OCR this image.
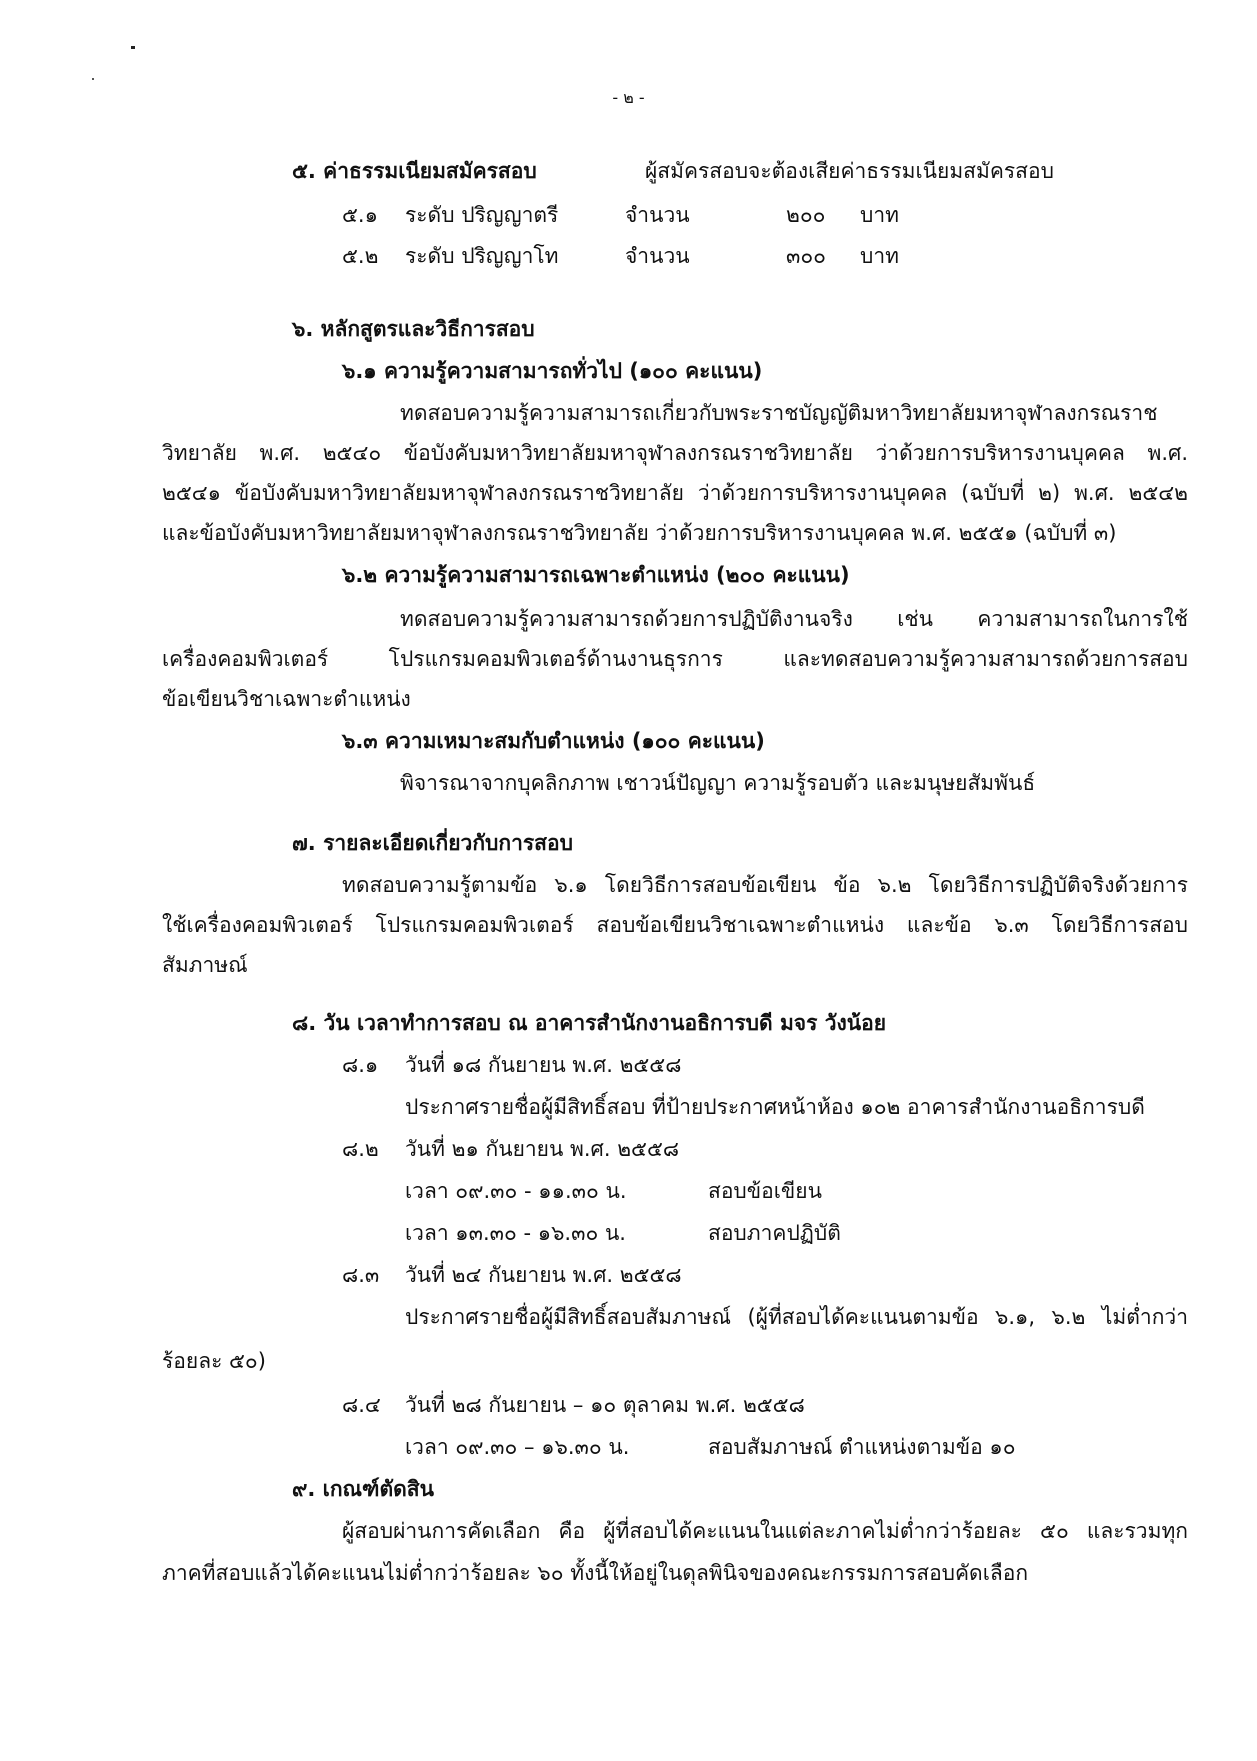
- ๒ -
๕. ค่าธรรมเนียมสมัครสอบ	ผู้สมัครสอบจะต้องเสียค่าธรรมเนียมสมัครสอบ
๕.๑ ระดับ ปริญญาตรี	จำนวน	๒๐๐ บาท
๕.๒ ระดับ ปริญญาโท	จำนวน	๓๐๐ บาท
๖. หลักสูตรและวิธีการสอบ
๖.๑ ความรู้ความสามารถทั่วไป (๑๐๐ คะแนน)
ทดสอบความรู้ความสามารถเกี่ยวกับพระราชบัญญัติมหาวิทยาลัยมหาจุฬาลงกรณราช
วิทยาลัย พ.ศ. ๒๕๔๐ ข้อบังคับมหาวิทยาลัยมหาจุฬาลงกรณราชวิทยาลัย ว่าด้วยการบริหารงานบุคคล พ.ศ.
๒๕๔๑ ข้อบังคับมหาวิทยาลัยมหาจุฬาลงกรณราชวิทยาลัย ว่าด้วยการบริหารงานบุคคล (ฉบับที่ ๒) พ.ศ. ๒๕๔๒
และข้อบังคับมหาวิทยาลัยมหาจุฬาลงกรณราชวิทยาลัย ว่าด้วยการบริหารงานบุคคล พ.ศ. ๒๕๕๑ (ฉบับที่ ๓)
๖.๒ ความรู้ความสามารถเฉพาะตำแหน่ง (๒๐๐ คะแนน)
ทดสอบความรู้ความสามารถด้วยการปฏิบัติงานจริง เช่น ความสามารถในการใช้
เครื่องคอมพิวเตอร์ โปรแกรมคอมพิวเตอร์ด้านงานธุรการ และทดสอบความรู้ความสามารถด้วยการสอบ
ข้อเขียนวิชาเฉพาะตำแหน่ง
๖.๓ ความเหมาะสมกับตำแหน่ง (๑๐๐ คะแนน)
พิจารณาจากบุคลิกภาพ เชาวน์ปัญญา ความรู้รอบตัว และมนุษยสัมพันธ์
๗. รายละเอียดเกี่ยวกับการสอบ
ทดสอบความรู้ตามข้อ ๖.๑ โดยวิธีการสอบข้อเขียน ข้อ ๖.๒ โดยวิธีการปฏิบัติจริงด้วยการ
ใช้เครื่องคอมพิวเตอร์ โปรแกรมคอมพิวเตอร์ สอบข้อเขียนวิชาเฉพาะตำแหน่ง และข้อ ๖.๓ โดยวิธีการสอบ
สัมภาษณ์
๘. วัน เวลาทำการสอบ ณ อาคารสำนักงานอธิการบดี มจร วังน้อย
๘.๑ วันที่ ๑๘ กันยายน พ.ศ. ๒๕๕๘
ประกาศรายชื่อผู้มีสิทธิ์สอบ ที่ป้ายประกาศหน้าห้อง ๑๐๒ อาคารสำนักงานอธิการบดี
๘.๒ วันที่ ๒๑ กันยายน พ.ศ. ๒๕๕๘
เวลา ๐๙.๓๐ - ๑๑.๓๐ น.	สอบข้อเขียน
เวลา ๑๓.๓๐ - ๑๖.๓๐ น.	สอบภาคปฏิบัติ
๘.๓ วันที่ ๒๔ กันยายน พ.ศ. ๒๕๕๘
ประกาศรายชื่อผู้มีสิทธิ์สอบสัมภาษณ์ (ผู้ที่สอบได้คะแนนตามข้อ ๖.๑, ๖.๒ ไม่ต่ำกว่า
ร้อยละ ๕๐)
๘.๔ วันที่ ๒๘ กันยายน – ๑๐ ตุลาคม พ.ศ. ๒๕๕๘
เวลา ๐๙.๓๐ – ๑๖.๓๐ น.	สอบสัมภาษณ์ ตำแหน่งตามข้อ ๑๐
๙. เกณฑ์ตัดสิน
ผู้สอบผ่านการคัดเลือก คือ ผู้ที่สอบได้คะแนนในแต่ละภาคไม่ต่ำกว่าร้อยละ ๕๐ และรวมทุก
ภาคที่สอบแล้วได้คะแนนไม่ต่ำกว่าร้อยละ ๖๐ ทั้งนี้ให้อยู่ในดุลพินิจของคณะกรรมการสอบคัดเลือก
